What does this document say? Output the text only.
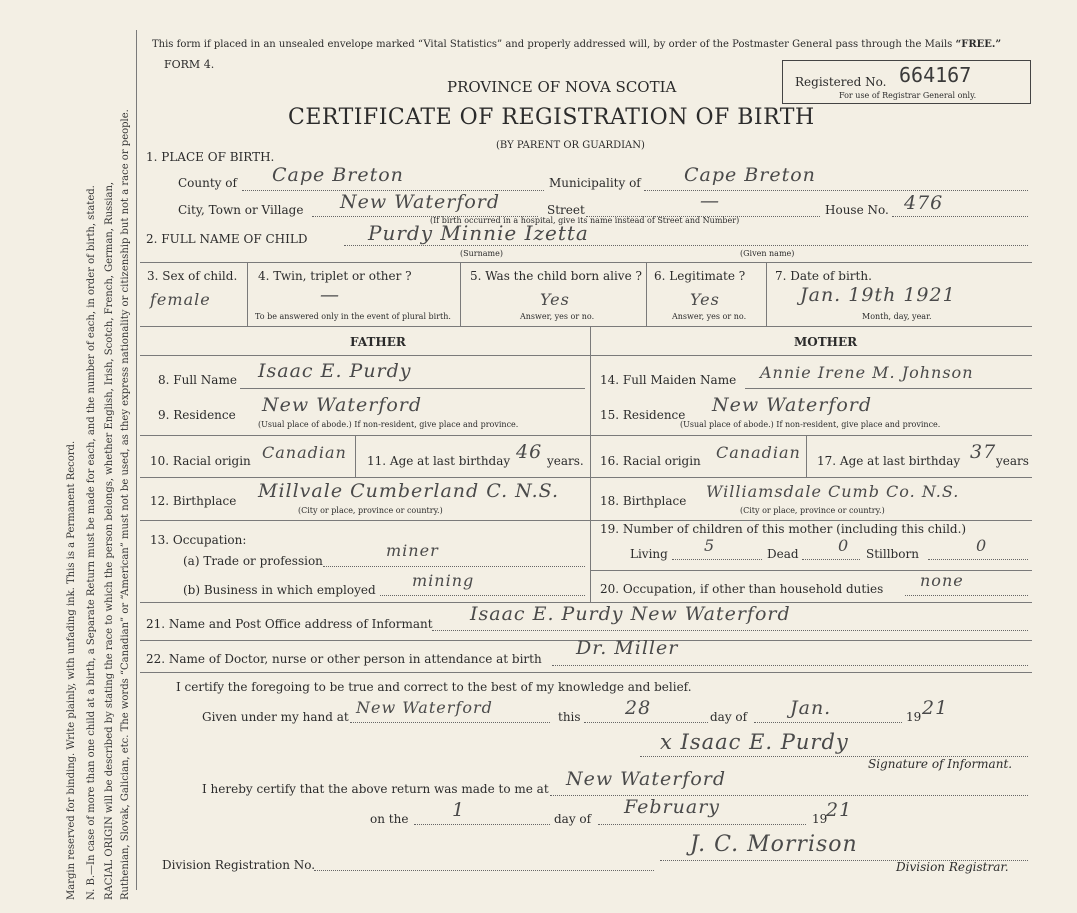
Margin reserved for binding. Write plainly, with unfading ink. This is a Permanent Record. N. B.—In case of more than one child at a birth, a Separate Return must be made for each, and the number of each, in order of birth, stated. RACIAL ORIGIN will be described by stating the race to which the person belongs, whether English, Irish, Scotch, French, German, Russian, Ruthenian, Slovak, Galician, etc. The words “Canadian” or “American” must not be used, as they express nationality or citizenship but not a race or people.
This form if placed in an unsealed envelope marked “Vital Statistics” and properly addressed will, by order of the Postmaster General pass through the Mails “FREE.”
FORM 4.
PROVINCE OF NOVA SCOTIA
CERTIFICATE OF REGISTRATION OF BIRTH
(BY PARENT OR GUARDIAN)
Registered No. 664167
For use of Registrar General only.
1. PLACE OF BIRTH.
County of Cape Breton	Municipality of Cape Breton
City, Town or Village New Waterford	Street	—	House No. 476
(If birth occurred in a hospital, give its name instead of Street and Number)
2. FULL NAME OF CHILD	Purdy Minnie Izetta
(Surname)	(Given name)
3. Sex of child.
female
4. Twin, triplet or other ?
—
To be answered only in the event of plural birth.
5. Was the child born alive ?
Yes
Answer, yes or no.
6. Legitimate ?
Yes
Answer, yes or no.
7. Date of birth.
Jan. 19th 1921
Month, day, year.
FATHER	MOTHER
8. Full Name Isaac E. Purdy
9. Residence New Waterford
(Usual place of abode.) If non-resident, give place and province.
10. Racial origin Canadian 11. Age at last birthday 46 years.
12. Birthplace Millvale Cumberland C. N.S.
(City or place, province or country.)
13. Occupation:
(a) Trade or profession
miner
(b) Business in which employed mining
14. Full Maiden Name Annie Irene M. Johnson
15. Residence New Waterford
(Usual place of abode.) If non-resident, give place and province.
16. Racial origin Canadian 17. Age at last birthday 37 years
18. Birthplace Williamsdale Cumb Co. N.S.
(City or place, province or country.)
19. Number of children of this mother (including this child.)
Living 5	Dead 0 Stillborn	0
20. Occupation, if other than household duties none
21. Name and Post Office address of Informant Isaac E. Purdy New Waterford
22. Name of Doctor, nurse or other person in attendance at birth Dr. Miller
I certify the foregoing to be true and correct to the best of my knowledge and belief.
Given under my hand at New Waterford	this 28	day of Jan.	19 21
x Isaac E. Purdy
Signature of Informant.
I hereby certify that the above return was made to me at New Waterford
on the 1	day of
February
19
21
Division Registration No.
J. C. Morrison
Division Registrar.
